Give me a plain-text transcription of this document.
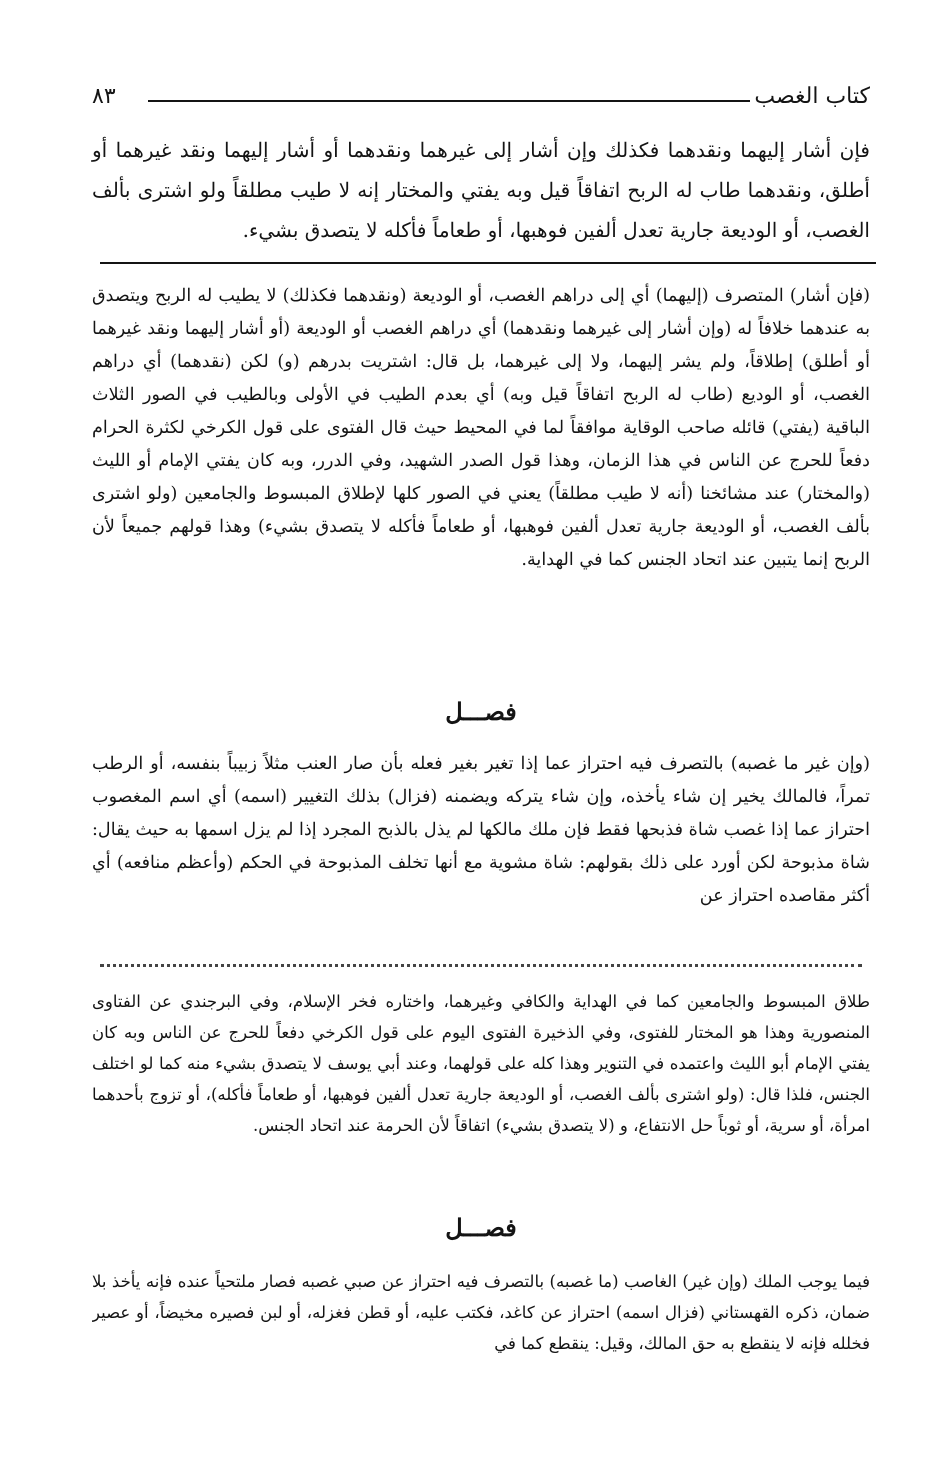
كتاب الغصب
٨٣

فإن أشار إليهما ونقدهما فكذلك وإن أشار إلى غيرهما ونقدهما أو أشار إليهما ونقد غيرهما أو أطلق، ونقدهما طاب له الربح اتفاقاً قيل وبه يفتي والمختار إنه لا طيب مطلقاً ولو اشترى بألف الغصب، أو الوديعة جارية تعدل ألفين فوهبها، أو طعاماً فأكله لا يتصدق بشيء.

(فإن أشار) المتصرف (إليهما) أي إلى دراهم الغصب، أو الوديعة (ونقدهما فكذلك) لا يطيب له الربح ويتصدق به عندهما خلافاً له (وإن أشار إلى غيرهما ونقدهما) أي دراهم الغصب أو الوديعة (أو أشار إليهما ونقد غيرهما أو أطلق) إطلاقاً، ولم يشر إليهما، ولا إلى غيرهما، بل قال: اشتريت بدرهم (و) لكن (نقدهما) أي دراهم الغصب، أو الوديع (طاب له الربح اتفاقاً قيل وبه) أي بعدم الطيب في الأولى وبالطيب في الصور الثلاث الباقية (يفتي) قائله صاحب الوقاية موافقاً لما في المحيط حيث قال الفتوى على قول الكرخي لكثرة الحرام دفعاً للحرج عن الناس في هذا الزمان، وهذا قول الصدر الشهيد، وفي الدرر، وبه كان يفتي الإمام أو الليث (والمختار) عند مشائخنا (أنه لا طيب مطلقاً) يعني في الصور كلها لإطلاق المبسوط والجامعين (ولو اشترى بألف الغصب، أو الوديعة جارية تعدل ألفين فوهبها، أو طعاماً فأكله لا يتصدق بشيء) وهذا قولهم جميعاً لأن الربح إنما يتبين عند اتحاد الجنس كما في الهداية.

فصـــل

(وإن غير ما غصبه) بالتصرف فيه احتراز عما إذا تغير بغير فعله بأن صار العنب مثلاً زبيباً بنفسه، أو الرطب تمراً، فالمالك يخير إن شاء يأخذه، وإن شاء يتركه ويضمنه (فزال) بذلك التغيير (اسمه) أي اسم المغصوب احتراز عما إذا غصب شاة فذبحها فقط فإن ملك مالكها لم يذل بالذبح المجرد إذا لم يزل اسمها به حيث يقال: شاة مذبوحة لكن أورد على ذلك بقولهم: شاة مشوية مع أنها تخلف المذبوحة في الحكم (وأعظم منافعه) أي أكثر مقاصده احتراز عن

طلاق المبسوط والجامعين كما في الهداية والكافي وغيرهما، واختاره فخر الإسلام، وفي البرجندي عن الفتاوى المنصورية وهذا هو المختار للفتوى، وفي الذخيرة الفتوى اليوم على قول الكرخي دفعاً للحرج عن الناس وبه كان يفتي الإمام أبو الليث واعتمده في التنوير وهذا كله على قولهما، وعند أبي يوسف لا يتصدق بشيء منه كما لو اختلف الجنس، فلذا قال: (ولو اشترى بألف الغصب، أو الوديعة جارية تعدل ألفين فوهبها، أو طعاماً فأكله)، أو تزوج بأحدهما امرأة، أو سرية، أو ثوباً حل الانتفاع، و (لا يتصدق بشيء) اتفاقاً لأن الحرمة عند اتحاد الجنس.

فصـــل

فيما يوجب الملك (وإن غير) الغاصب (ما غصبه) بالتصرف فيه احتراز عن صبي غصبه فصار ملتحياً عنده فإنه يأخذ بلا ضمان، ذكره القهستاني (فزال اسمه) احتراز عن كاغد، فكتب عليه، أو قطن فغزله، أو لبن فصيره مخيضاً، أو عصير فخلله فإنه لا ينقطع به حق المالك، وقيل: ينقطع كما في
